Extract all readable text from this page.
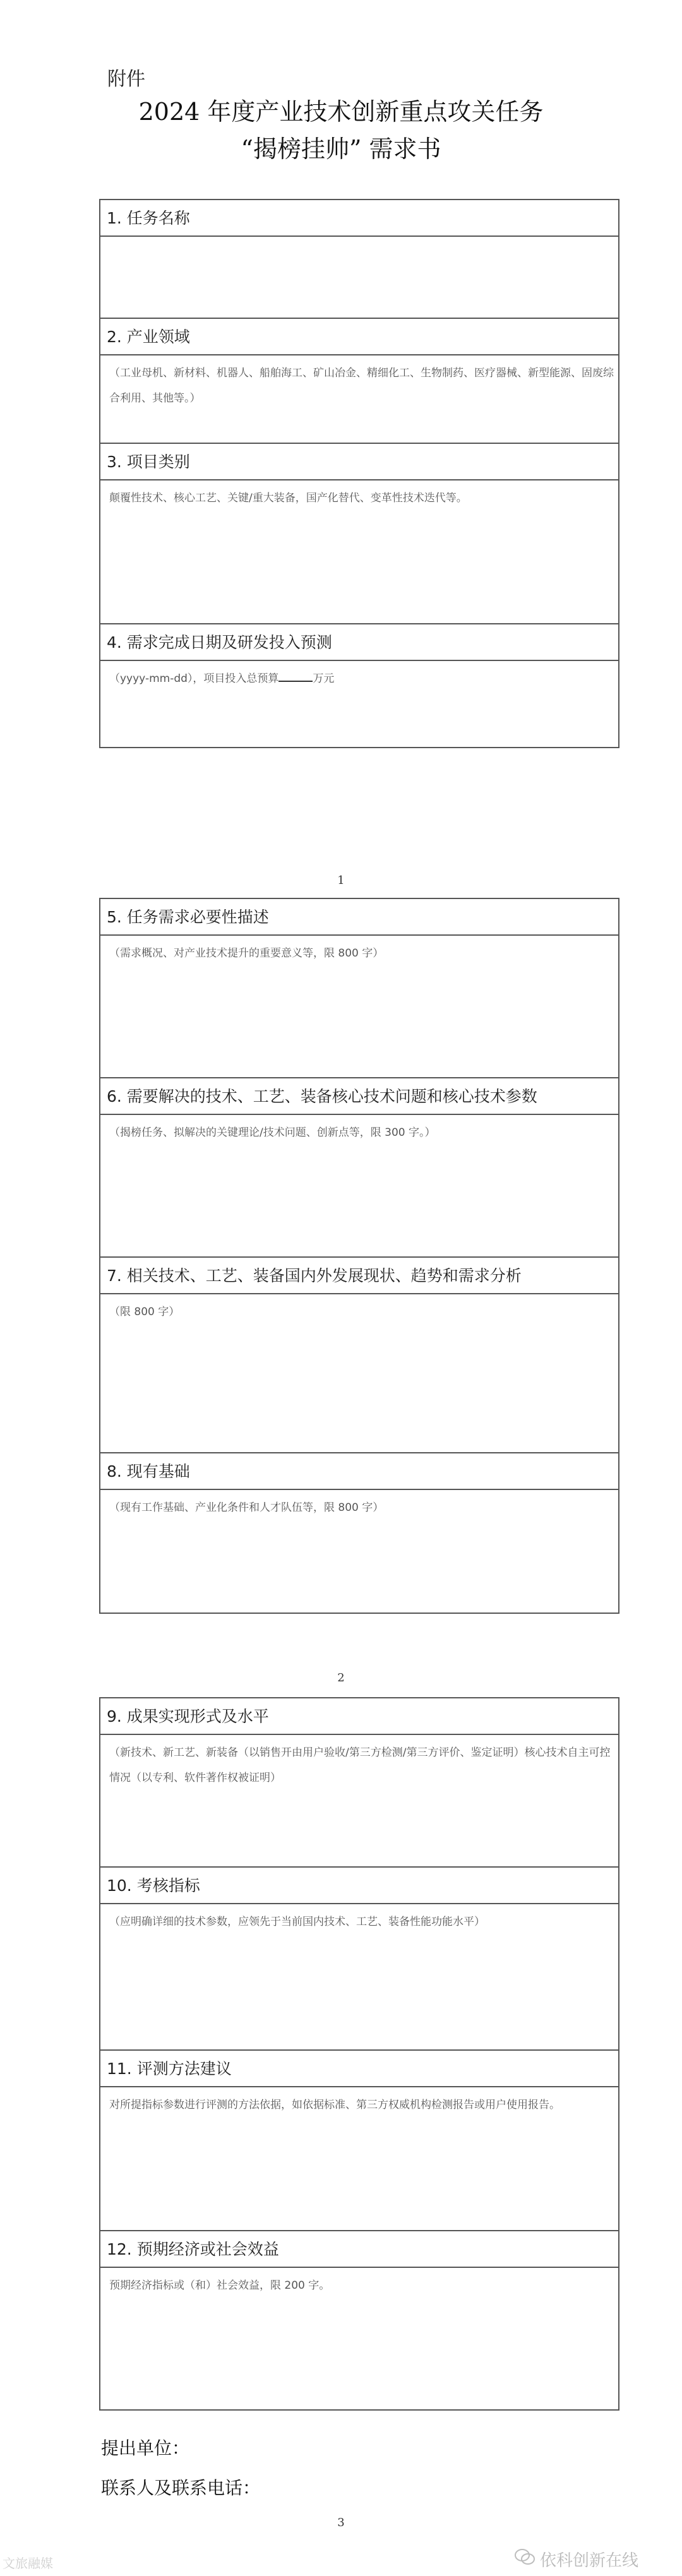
附件
2024 年度产业技术创新重点攻关任务
“揭榜挂帅” 需求书
1. 任务名称

2. 产业领域
（工业母机、新材料、机器人、船舶海工、矿山冶金、精细化工、生物制药、医疗器械、新型能源、固废综合利用、其他等。）
3. 项目类别
颠覆性技术、核心工艺、关键/重大装备，国产化替代、变革性技术迭代等。
4. 需求完成日期及研发投入预测
（yyyy-mm-dd），项目投入总预算	万元
1
5. 任务需求必要性描述
（需求概况、对产业技术提升的重要意义等，限 800 字）
6. 需要解决的技术、工艺、装备核心技术问题和核心技术参数
（揭榜任务、拟解决的关键理论/技术问题、创新点等，限 300 字。）
7. 相关技术、工艺、装备国内外发展现状、趋势和需求分析
（限 800 字）
8. 现有基础
（现有工作基础、产业化条件和人才队伍等，限 800 字）
2
9. 成果实现形式及水平
（新技术、新工艺、新装备（以销售开由用户验收/第三方检测/第三方评价、鉴定证明）核心技术自主可控情况（以专利、软件著作权被证明）
10. 考核指标
（应明确详细的技术参数，应领先于当前国内技术、工艺、装备性能功能水平）
11. 评测方法建议
对所提指标参数进行评测的方法依据，如依据标准、第三方权威机构检测报告或用户使用报告。
12. 预期经济或社会效益
预期经济指标或（和）社会效益，限 200 字。
提出单位：
联系人及联系电话：
3
文旅融媒	依科创新在线
